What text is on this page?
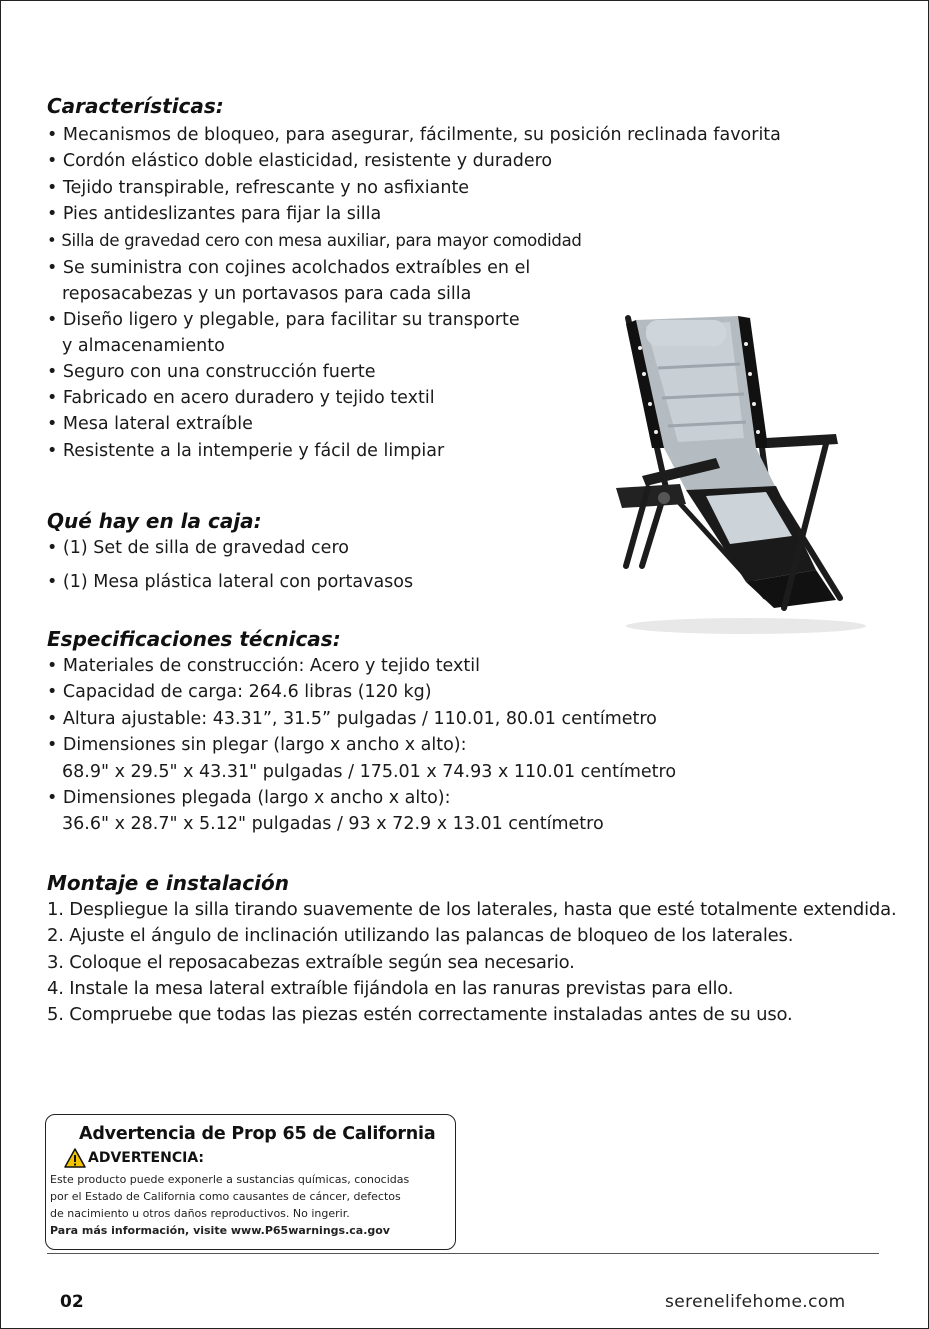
Características:

• Mecanismos de bloqueo, para asegurar, fácilmente, su posición reclinada favorita

• Cordón elástico doble elasticidad, resistente y duradero

• Tejido transpirable, refrescante y no asfixiante

• Pies antideslizantes para fijar la silla

• Silla de gravedad cero con mesa auxiliar, para mayor comodidad

• Se suministra con cojines acolchados extraíbles en el

reposacabezas y un portavasos para cada silla

• Diseño ligero y plegable, para facilitar su transporte

y almacenamiento

• Seguro con una construcción fuerte

• Fabricado en acero duradero y tejido textil

• Mesa lateral extraíble

• Resistente a la intemperie y fácil de limpiar

Qué hay en la caja:

• (1) Set de silla de gravedad cero

• (1) Mesa plástica lateral con portavasos

Especificaciones técnicas:

• Materiales de construcción: Acero y tejido textil

• Capacidad de carga: 264.6 libras (120 kg)

• Altura ajustable: 43.31”, 31.5” pulgadas / 110.01, 80.01 centímetro

• Dimensiones sin plegar (largo x ancho x alto):

68.9" x 29.5" x 43.31" pulgadas / 175.01 x 74.93 x 110.01 centímetro

• Dimensiones plegada (largo x ancho x alto):

36.6" x 28.7" x 5.12" pulgadas / 93 x 72.9 x 13.01 centímetro

Montaje e instalación

1. Despliegue la silla tirando suavemente de los laterales, hasta que esté totalmente extendida.

2. Ajuste el ángulo de inclinación utilizando las palancas de bloqueo de los laterales.

3. Coloque el reposacabezas extraíble según sea necesario.

4. Instale la mesa lateral extraíble fijándola en las ranuras previstas para ello.

5. Compruebe que todas las piezas estén correctamente instaladas antes de su uso.

Advertencia de Prop 65 de California
ADVERTENCIA:

Este producto puede exponerle a sustancias químicas, conocidas
por el Estado de California como causantes de cáncer, defectos
de nacimiento u otros daños reproductivos. No ingerir.
Para más información, visite www.P65warnings.ca.gov

02	serenelifehome.com
